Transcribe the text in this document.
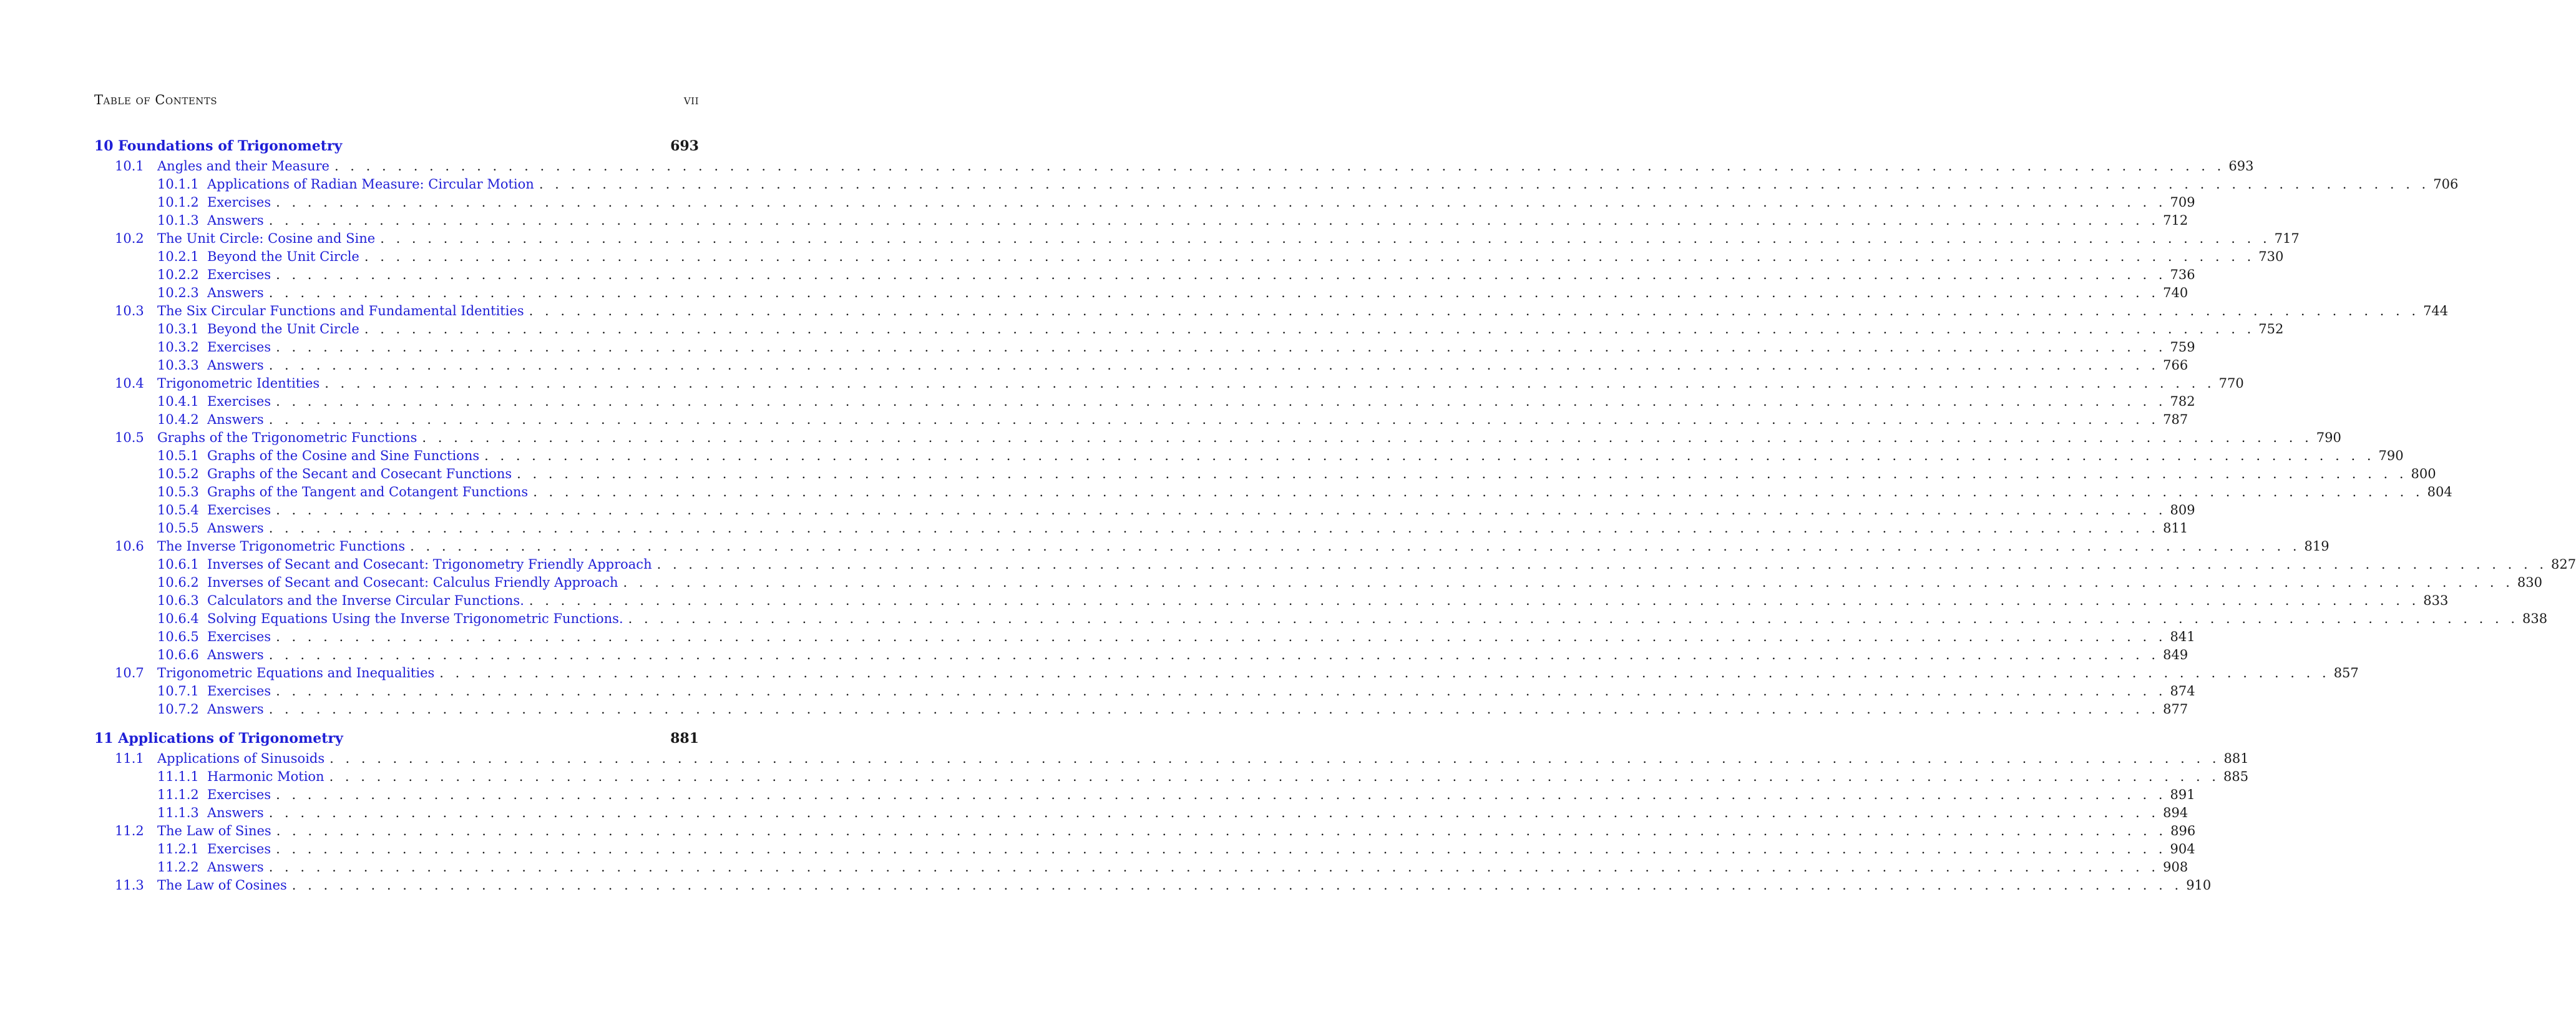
Table of Contents	vii
10 Foundations of Trigonometry	693
10.1	Angles and their Measure . . . . . . . . . . . . . . . . . . . . . . . . . . . . . . . . . . . . . . . . . . . . . . . . . . . . . . . . . . . . . . . . . . . . . . . . . . . . . . . . . . . . . . . . . . . . . . . . . . . . . . . . . . . . . . . . . . . . . . . . 693
10.1.1 Applications of Radian Measure: Circular Motion . . . . . . . . . . . . . . . . . . . . . . . . . . . . . . . . . . . . . . . . . . . . . . . . . . . . . . . . . . . . . . . . . . . . . . . . . . . . . . . . . . . . . . . . . . . . . . . . . . . . . . . . . . . . . . . . . . . . . . . . 706
10.1.2 Exercises . . . . . . . . . . . . . . . . . . . . . . . . . . . . . . . . . . . . . . . . . . . . . . . . . . . . . . . . . . . . . . . . . . . . . . . . . . . . . . . . . . . . . . . . . . . . . . . . . . . . . . . . . . . . . . . . . . . . . . . . 709
10.1.3 Answers . . . . . . . . . . . . . . . . . . . . . . . . . . . . . . . . . . . . . . . . . . . . . . . . . . . . . . . . . . . . . . . . . . . . . . . . . . . . . . . . . . . . . . . . . . . . . . . . . . . . . . . . . . . . . . . . . . . . . . . . 712
10.2	The Unit Circle: Cosine and Sine . . . . . . . . . . . . . . . . . . . . . . . . . . . . . . . . . . . . . . . . . . . . . . . . . . . . . . . . . . . . . . . . . . . . . . . . . . . . . . . . . . . . . . . . . . . . . . . . . . . . . . . . . . . . . . . . . . . . . . . . 717
10.2.1 Beyond the Unit Circle . . . . . . . . . . . . . . . . . . . . . . . . . . . . . . . . . . . . . . . . . . . . . . . . . . . . . . . . . . . . . . . . . . . . . . . . . . . . . . . . . . . . . . . . . . . . . . . . . . . . . . . . . . . . . . . . . . . . . . . . 730
10.2.2 Exercises . . . . . . . . . . . . . . . . . . . . . . . . . . . . . . . . . . . . . . . . . . . . . . . . . . . . . . . . . . . . . . . . . . . . . . . . . . . . . . . . . . . . . . . . . . . . . . . . . . . . . . . . . . . . . . . . . . . . . . . . 736
10.2.3 Answers . . . . . . . . . . . . . . . . . . . . . . . . . . . . . . . . . . . . . . . . . . . . . . . . . . . . . . . . . . . . . . . . . . . . . . . . . . . . . . . . . . . . . . . . . . . . . . . . . . . . . . . . . . . . . . . . . . . . . . . . 740
10.3	The Six Circular Functions and Fundamental Identities . . . . . . . . . . . . . . . . . . . . . . . . . . . . . . . . . . . . . . . . . . . . . . . . . . . . . . . . . . . . . . . . . . . . . . . . . . . . . . . . . . . . . . . . . . . . . . . . . . . . . . . . . . . . . . . . . . . . . . . . 744
10.3.1 Beyond the Unit Circle . . . . . . . . . . . . . . . . . . . . . . . . . . . . . . . . . . . . . . . . . . . . . . . . . . . . . . . . . . . . . . . . . . . . . . . . . . . . . . . . . . . . . . . . . . . . . . . . . . . . . . . . . . . . . . . . . . . . . . . . 752
10.3.2 Exercises . . . . . . . . . . . . . . . . . . . . . . . . . . . . . . . . . . . . . . . . . . . . . . . . . . . . . . . . . . . . . . . . . . . . . . . . . . . . . . . . . . . . . . . . . . . . . . . . . . . . . . . . . . . . . . . . . . . . . . . . 759
10.3.3 Answers . . . . . . . . . . . . . . . . . . . . . . . . . . . . . . . . . . . . . . . . . . . . . . . . . . . . . . . . . . . . . . . . . . . . . . . . . . . . . . . . . . . . . . . . . . . . . . . . . . . . . . . . . . . . . . . . . . . . . . . . 766
10.4	Trigonometric Identities . . . . . . . . . . . . . . . . . . . . . . . . . . . . . . . . . . . . . . . . . . . . . . . . . . . . . . . . . . . . . . . . . . . . . . . . . . . . . . . . . . . . . . . . . . . . . . . . . . . . . . . . . . . . . . . . . . . . . . . . 770
10.4.1 Exercises . . . . . . . . . . . . . . . . . . . . . . . . . . . . . . . . . . . . . . . . . . . . . . . . . . . . . . . . . . . . . . . . . . . . . . . . . . . . . . . . . . . . . . . . . . . . . . . . . . . . . . . . . . . . . . . . . . . . . . . . 782
10.4.2 Answers . . . . . . . . . . . . . . . . . . . . . . . . . . . . . . . . . . . . . . . . . . . . . . . . . . . . . . . . . . . . . . . . . . . . . . . . . . . . . . . . . . . . . . . . . . . . . . . . . . . . . . . . . . . . . . . . . . . . . . . . 787
10.5	Graphs of the Trigonometric Functions . . . . . . . . . . . . . . . . . . . . . . . . . . . . . . . . . . . . . . . . . . . . . . . . . . . . . . . . . . . . . . . . . . . . . . . . . . . . . . . . . . . . . . . . . . . . . . . . . . . . . . . . . . . . . . . . . . . . . . . . 790
10.5.1 Graphs of the Cosine and Sine Functions . . . . . . . . . . . . . . . . . . . . . . . . . . . . . . . . . . . . . . . . . . . . . . . . . . . . . . . . . . . . . . . . . . . . . . . . . . . . . . . . . . . . . . . . . . . . . . . . . . . . . . . . . . . . . . . . . . . . . . . . 790
10.5.2 Graphs of the Secant and Cosecant Functions . . . . . . . . . . . . . . . . . . . . . . . . . . . . . . . . . . . . . . . . . . . . . . . . . . . . . . . . . . . . . . . . . . . . . . . . . . . . . . . . . . . . . . . . . . . . . . . . . . . . . . . . . . . . . . . . . . . . . . . . 800
10.5.3 Graphs of the Tangent and Cotangent Functions . . . . . . . . . . . . . . . . . . . . . . . . . . . . . . . . . . . . . . . . . . . . . . . . . . . . . . . . . . . . . . . . . . . . . . . . . . . . . . . . . . . . . . . . . . . . . . . . . . . . . . . . . . . . . . . . . . . . . . . . 804
10.5.4 Exercises . . . . . . . . . . . . . . . . . . . . . . . . . . . . . . . . . . . . . . . . . . . . . . . . . . . . . . . . . . . . . . . . . . . . . . . . . . . . . . . . . . . . . . . . . . . . . . . . . . . . . . . . . . . . . . . . . . . . . . . . 809
10.5.5 Answers . . . . . . . . . . . . . . . . . . . . . . . . . . . . . . . . . . . . . . . . . . . . . . . . . . . . . . . . . . . . . . . . . . . . . . . . . . . . . . . . . . . . . . . . . . . . . . . . . . . . . . . . . . . . . . . . . . . . . . . . 811
10.6	The Inverse Trigonometric Functions . . . . . . . . . . . . . . . . . . . . . . . . . . . . . . . . . . . . . . . . . . . . . . . . . . . . . . . . . . . . . . . . . . . . . . . . . . . . . . . . . . . . . . . . . . . . . . . . . . . . . . . . . . . . . . . . . . . . . . . . 819
10.6.1 Inverses of Secant and Cosecant: Trigonometry Friendly Approach . . . . . . . . . . . . . . . . . . . . . . . . . . . . . . . . . . . . . . . . . . . . . . . . . . . . . . . . . . . . . . . . . . . . . . . . . . . . . . . . . . . . . . . . . . . . . . . . . . . . . . . . . . . . . . . . . . . . . . . . 827
10.6.2 Inverses of Secant and Cosecant: Calculus Friendly Approach . . . . . . . . . . . . . . . . . . . . . . . . . . . . . . . . . . . . . . . . . . . . . . . . . . . . . . . . . . . . . . . . . . . . . . . . . . . . . . . . . . . . . . . . . . . . . . . . . . . . . . . . . . . . . . . . . . . . . . . . 830
10.6.3 Calculators and the Inverse Circular Functions. . . . . . . . . . . . . . . . . . . . . . . . . . . . . . . . . . . . . . . . . . . . . . . . . . . . . . . . . . . . . . . . . . . . . . . . . . . . . . . . . . . . . . . . . . . . . . . . . . . . . . . . . . . . . . . . . . . . . . . . . 833
10.6.4 Solving Equations Using the Inverse Trigonometric Functions. . . . . . . . . . . . . . . . . . . . . . . . . . . . . . . . . . . . . . . . . . . . . . . . . . . . . . . . . . . . . . . . . . . . . . . . . . . . . . . . . . . . . . . . . . . . . . . . . . . . . . . . . . . . . . . . . . . . . . . . . 838
10.6.5 Exercises . . . . . . . . . . . . . . . . . . . . . . . . . . . . . . . . . . . . . . . . . . . . . . . . . . . . . . . . . . . . . . . . . . . . . . . . . . . . . . . . . . . . . . . . . . . . . . . . . . . . . . . . . . . . . . . . . . . . . . . . 841
10.6.6 Answers . . . . . . . . . . . . . . . . . . . . . . . . . . . . . . . . . . . . . . . . . . . . . . . . . . . . . . . . . . . . . . . . . . . . . . . . . . . . . . . . . . . . . . . . . . . . . . . . . . . . . . . . . . . . . . . . . . . . . . . . 849
10.7	Trigonometric Equations and Inequalities . . . . . . . . . . . . . . . . . . . . . . . . . . . . . . . . . . . . . . . . . . . . . . . . . . . . . . . . . . . . . . . . . . . . . . . . . . . . . . . . . . . . . . . . . . . . . . . . . . . . . . . . . . . . . . . . . . . . . . . . 857
10.7.1 Exercises . . . . . . . . . . . . . . . . . . . . . . . . . . . . . . . . . . . . . . . . . . . . . . . . . . . . . . . . . . . . . . . . . . . . . . . . . . . . . . . . . . . . . . . . . . . . . . . . . . . . . . . . . . . . . . . . . . . . . . . . 874
10.7.2 Answers . . . . . . . . . . . . . . . . . . . . . . . . . . . . . . . . . . . . . . . . . . . . . . . . . . . . . . . . . . . . . . . . . . . . . . . . . . . . . . . . . . . . . . . . . . . . . . . . . . . . . . . . . . . . . . . . . . . . . . . . 877
11 Applications of Trigonometry	881
11.1	Applications of Sinusoids . . . . . . . . . . . . . . . . . . . . . . . . . . . . . . . . . . . . . . . . . . . . . . . . . . . . . . . . . . . . . . . . . . . . . . . . . . . . . . . . . . . . . . . . . . . . . . . . . . . . . . . . . . . . . . . . . . . . . . . . 881
11.1.1 Harmonic Motion . . . . . . . . . . . . . . . . . . . . . . . . . . . . . . . . . . . . . . . . . . . . . . . . . . . . . . . . . . . . . . . . . . . . . . . . . . . . . . . . . . . . . . . . . . . . . . . . . . . . . . . . . . . . . . . . . . . . . . . . 885
11.1.2 Exercises . . . . . . . . . . . . . . . . . . . . . . . . . . . . . . . . . . . . . . . . . . . . . . . . . . . . . . . . . . . . . . . . . . . . . . . . . . . . . . . . . . . . . . . . . . . . . . . . . . . . . . . . . . . . . . . . . . . . . . . . 891
11.1.3 Answers . . . . . . . . . . . . . . . . . . . . . . . . . . . . . . . . . . . . . . . . . . . . . . . . . . . . . . . . . . . . . . . . . . . . . . . . . . . . . . . . . . . . . . . . . . . . . . . . . . . . . . . . . . . . . . . . . . . . . . . . 894
11.2	The Law of Sines . . . . . . . . . . . . . . . . . . . . . . . . . . . . . . . . . . . . . . . . . . . . . . . . . . . . . . . . . . . . . . . . . . . . . . . . . . . . . . . . . . . . . . . . . . . . . . . . . . . . . . . . . . . . . . . . . . . . . . . . 896
11.2.1 Exercises . . . . . . . . . . . . . . . . . . . . . . . . . . . . . . . . . . . . . . . . . . . . . . . . . . . . . . . . . . . . . . . . . . . . . . . . . . . . . . . . . . . . . . . . . . . . . . . . . . . . . . . . . . . . . . . . . . . . . . . . 904
11.2.2 Answers . . . . . . . . . . . . . . . . . . . . . . . . . . . . . . . . . . . . . . . . . . . . . . . . . . . . . . . . . . . . . . . . . . . . . . . . . . . . . . . . . . . . . . . . . . . . . . . . . . . . . . . . . . . . . . . . . . . . . . . . 908
11.3	The Law of Cosines . . . . . . . . . . . . . . . . . . . . . . . . . . . . . . . . . . . . . . . . . . . . . . . . . . . . . . . . . . . . . . . . . . . . . . . . . . . . . . . . . . . . . . . . . . . . . . . . . . . . . . . . . . . . . . . . . . . . . . . . 910
